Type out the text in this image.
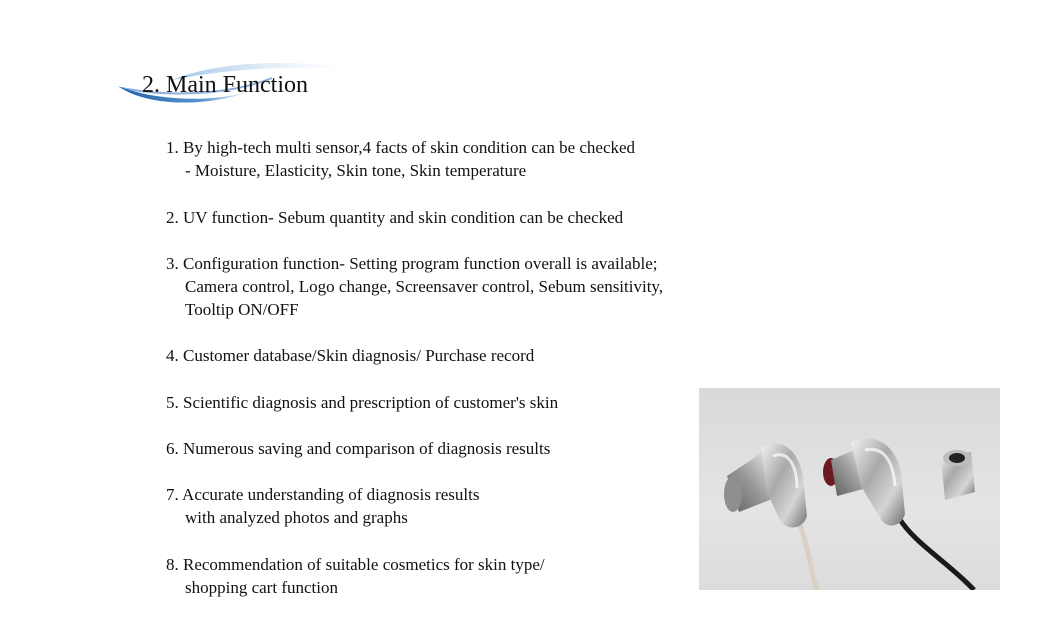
2. Main Function
1. By high-tech multi sensor,4 facts of skin condition can be checked
- Moisture, Elasticity, Skin tone, Skin temperature
2. UV function- Sebum quantity and skin condition can be checked
3. Configuration function- Setting program function overall is available;
Camera control, Logo change, Screensaver control, Sebum sensitivity,
Tooltip ON/OFF
4. Customer database/Skin diagnosis/ Purchase record
5. Scientific diagnosis and prescription of customer's skin
6. Numerous saving and comparison of diagnosis results
7. Accurate understanding of diagnosis results
with analyzed photos and graphs
8. Recommendation of suitable cosmetics for skin type/
shopping cart function
